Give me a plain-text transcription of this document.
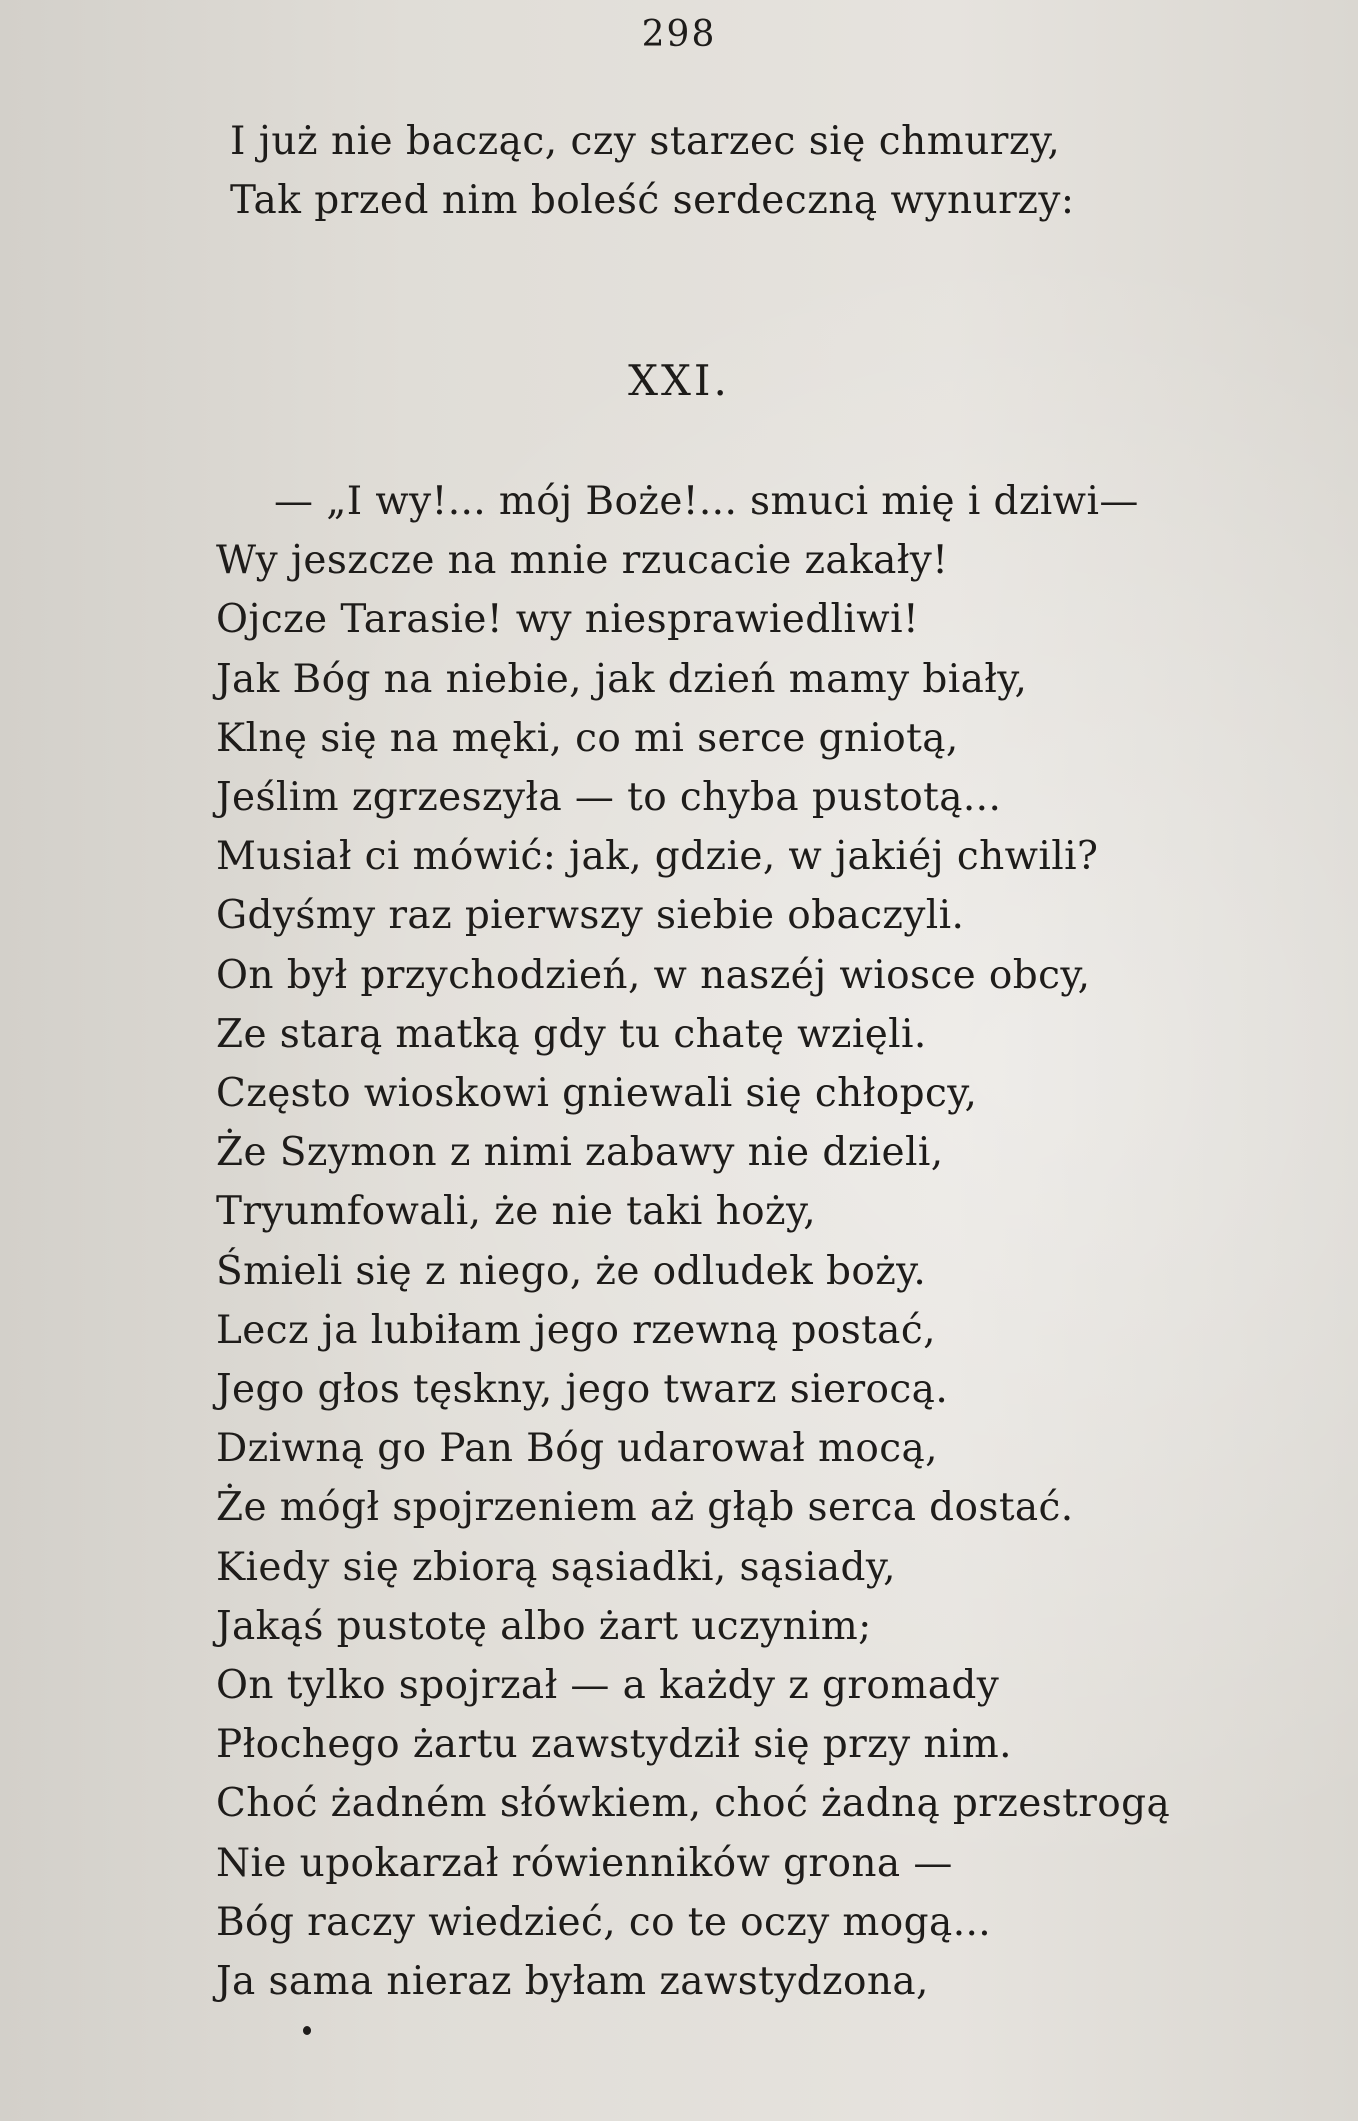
298
I już nie bacząc, czy starzec się chmurzy,
Tak przed nim boleść serdeczną wynurzy:
XXI.
— „I wy!... mój Boże!... smuci mię i dziwi—
Wy jeszcze na mnie rzucacie zakały!
Ojcze Tarasie! wy niesprawiedliwi!
Jak Bóg na niebie, jak dzień mamy biały,
Klnę się na męki, co mi serce gniotą,
Jeślim zgrzeszyła — to chyba pustotą...
Musiał ci mówić: jak, gdzie, w jakiéj chwili?
Gdyśmy raz pierwszy siebie obaczyli.
On był przychodzień, w naszéj wiosce obcy,
Ze starą matką gdy tu chatę wzięli.
Często wioskowi gniewali się chłopcy,
Że Szymon z nimi zabawy nie dzieli,
Tryumfowali, że nie taki hoży,
Śmieli się z niego, że odludek boży.
Lecz ja lubiłam jego rzewną postać,
Jego głos tęskny, jego twarz sierocą.
Dziwną go Pan Bóg udarował mocą,
Że mógł spojrzeniem aż głąb serca dostać.
Kiedy się zbiorą sąsiadki, sąsiady,
Jakąś pustotę albo żart uczynim;
On tylko spojrzał — a każdy z gromady
Płochego żartu zawstydził się przy nim.
Choć żadném słówkiem, choć żadną przestrogą
Nie upokarzał rówienników grona —
Bóg raczy wiedzieć, co te oczy mogą...
Ja sama nieraz byłam zawstydzona,
